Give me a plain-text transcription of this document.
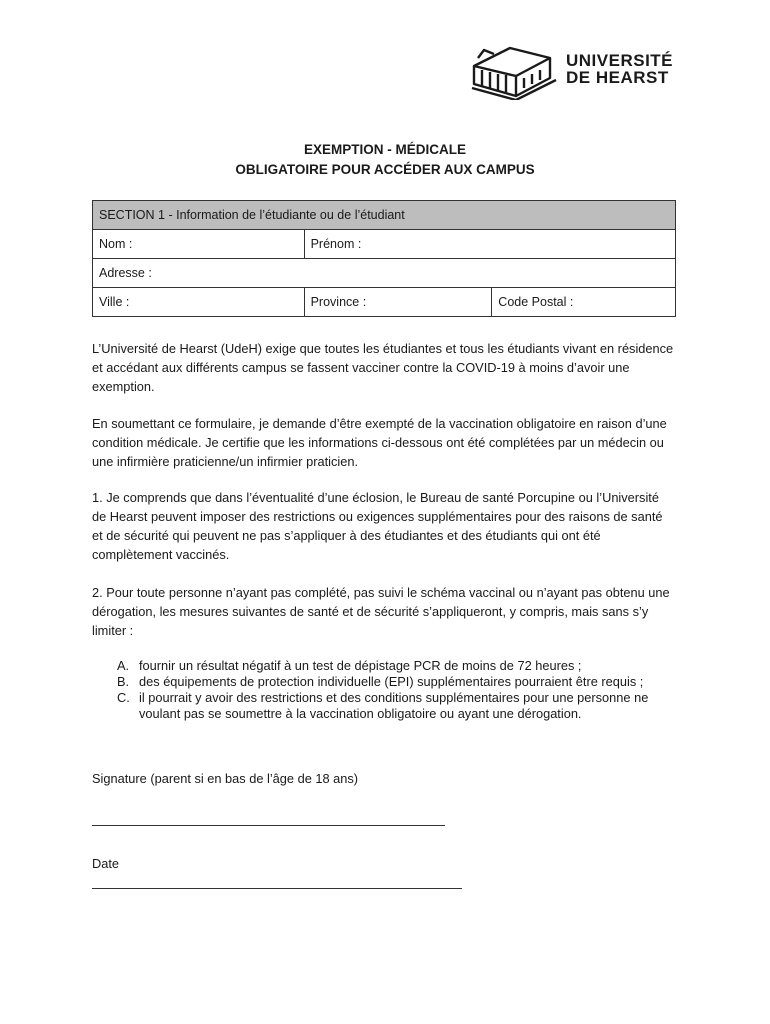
UNIVERSITÉ
DE HEARST
EXEMPTION - MÉDICALE
OBLIGATOIRE POUR ACCÉDER AUX CAMPUS
SECTION 1 - Information de l’étudiante ou de l’étudiant		
Nom :	Prénom :	
Adresse :		
Ville :	Province :	Code Postal :

L’Université de Hearst (UdeH) exige que toutes les étudiantes et tous les étudiants vivant en résidence et accédant aux différents campus se fassent vacciner contre la COVID-19 à moins d’avoir une exemption.

En soumettant ce formulaire, je demande d’être exempté de la vaccination obligatoire en raison d’une condition médicale. Je certifie que les informations ci-dessous ont été complétées par un médecin ou une infirmière praticienne/un infirmier praticien.

1. Je comprends que dans l’éventualité d’une éclosion, le Bureau de santé Porcupine ou l’Université de Hearst peuvent imposer des restrictions ou exigences supplémentaires pour des raisons de santé et de sécurité qui peuvent ne pas s’appliquer à des étudiantes et des étudiants qui ont été complètement vaccinés.

2. Pour toute personne n’ayant pas complété, pas suivi le schéma vaccinal ou n’ayant pas obtenu une dérogation, les mesures suivantes de santé et de sécurité s’appliqueront, y compris, mais sans s’y limiter :

A. fournir un résultat négatif à un test de dépistage PCR de moins de 72 heures ;
B. des équipements de protection individuelle (EPI) supplémentaires pourraient être requis ;
C. il pourrait y avoir des restrictions et des conditions supplémentaires pour une personne ne voulant pas se soumettre à la vaccination obligatoire ou ayant une dérogation.
Signature (parent si en bas de l’âge de 18 ans)
Date
